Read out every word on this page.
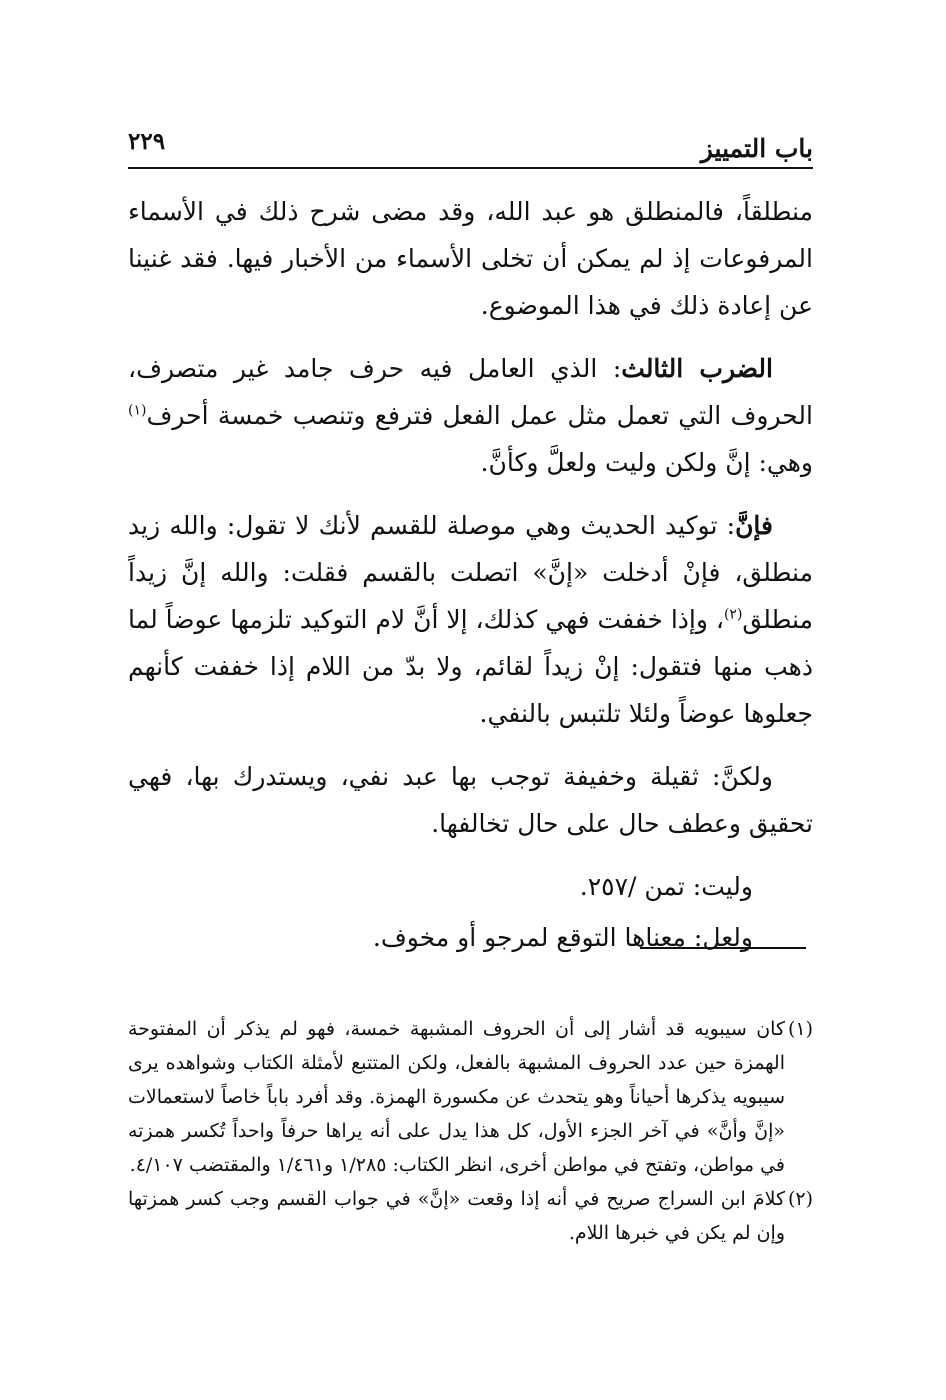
باب التمييز
٢٢٩

منطلقاً، فالمنطلق هو عبد الله، وقد مضى شرح ذلك في الأسماء المرفوعات إذ لم يمكن أن تخلى الأسماء من الأخبار فيها. فقد غنينا عن إعادة ذلك في هذا الموضوع.

الضرب الثالث: الذي العامل فيه حرف جامد غير متصرف، الحروف التي تعمل مثل عمل الفعل فترفع وتنصب خمسة أحرف$^{(١)}$ وهي: إنَّ ولكن وليت ولعلَّ وكأنَّ.

فإنَّ: توكيد الحديث وهي موصلة للقسم لأنك لا تقول: والله زيد منطلق، فإنْ أدخلت «إنَّ» اتصلت بالقسم فقلت: والله إنَّ زيداً منطلق$^{(٢)}$، وإذا خففت فهي كذلك، إلا أنَّ لام التوكيد تلزمها عوضاً لما ذهب منها فتقول: إنْ زيداً لقائم، ولا بدّ من اللام إذا خففت كأنهم جعلوها عوضاً ولئلا تلتبس بالنفي.

ولكنَّ: ثقيلة وخفيفة توجب بها عبد نفي، ويستدرك بها، فهي تحقيق وعطف حال على حال تخالفها.

وليت: تمن /٢٥٧.

ولعل: معناها التوقع لمرجو أو مخوف.

(١)
كان سيبويه قد أشار إلى أن الحروف المشبهة خمسة، فهو لم يذكر أن المفتوحة الهمزة حين عدد الحروف المشبهة بالفعل، ولكن المتتبع لأمثلة الكتاب وشواهده يرى سيبويه يذكرها أحياناً وهو يتحدث عن مكسورة الهمزة. وقد أفرد باباً خاصاً لاستعمالات «إنَّ وأنَّ» في آخر الجزء الأول، كل هذا يدل على أنه يراها حرفاً واحداً تُكسر همزته في مواطن، وتفتح في مواطن أخرى، انظر الكتاب: ١/٢٨٥ و١/٤٦١ والمقتضب ٤/١٠٧.

(٢)
كلامَ ابن السراج صريح في أنه إذا وقعت «إنَّ» في جواب القسم وجب كسر همزتها وإن لم يكن في خبرها اللام.
